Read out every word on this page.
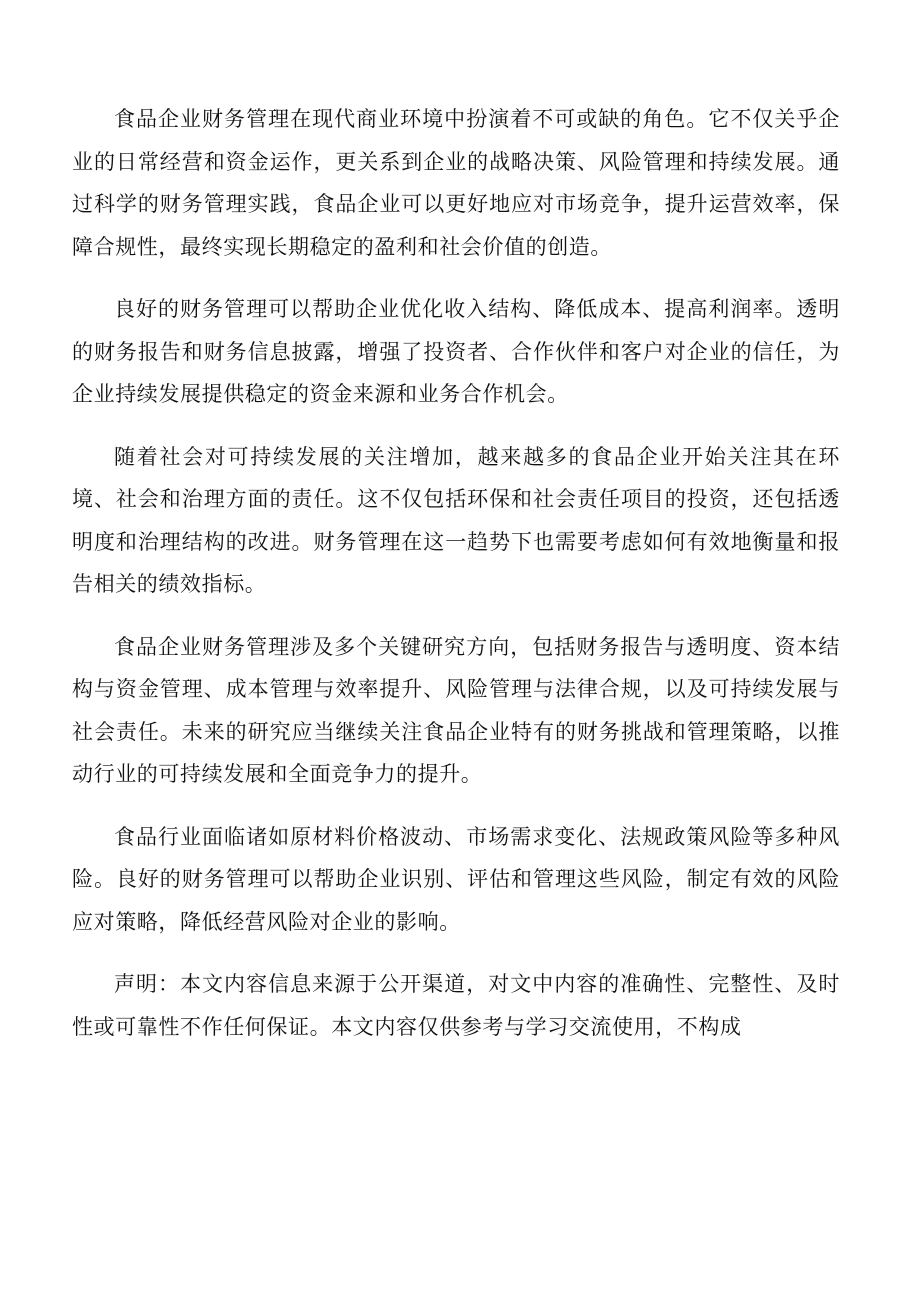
食品企业财务管理在现代商业环境中扮演着不可或缺的角色。它不仅关乎企业的日常经营和资金运作，更关系到企业的战略决策、风险管理和持续发展。通过科学的财务管理实践，食品企业可以更好地应对市场竞争，提升运营效率，保障合规性，最终实现长期稳定的盈利和社会价值的创造。

良好的财务管理可以帮助企业优化收入结构、降低成本、提高利润率。透明的财务报告和财务信息披露，增强了投资者、合作伙伴和客户对企业的信任，为企业持续发展提供稳定的资金来源和业务合作机会。

随着社会对可持续发展的关注增加，越来越多的食品企业开始关注其在环境、社会和治理方面的责任。这不仅包括环保和社会责任项目的投资，还包括透明度和治理结构的改进。财务管理在这一趋势下也需要考虑如何有效地衡量和报告相关的绩效指标。

食品企业财务管理涉及多个关键研究方向，包括财务报告与透明度、资本结构与资金管理、成本管理与效率提升、风险管理与法律合规，以及可持续发展与社会责任。未来的研究应当继续关注食品企业特有的财务挑战和管理策略，以推动行业的可持续发展和全面竞争力的提升。

食品行业面临诸如原材料价格波动、市场需求变化、法规政策风险等多种风险。良好的财务管理可以帮助企业识别、评估和管理这些风险，制定有效的风险应对策略，降低经营风险对企业的影响。

声明：本文内容信息来源于公开渠道，对文中内容的准确性、完整性、及时性或可靠性不作任何保证。本文内容仅供参考与学习交流使用，不构成
